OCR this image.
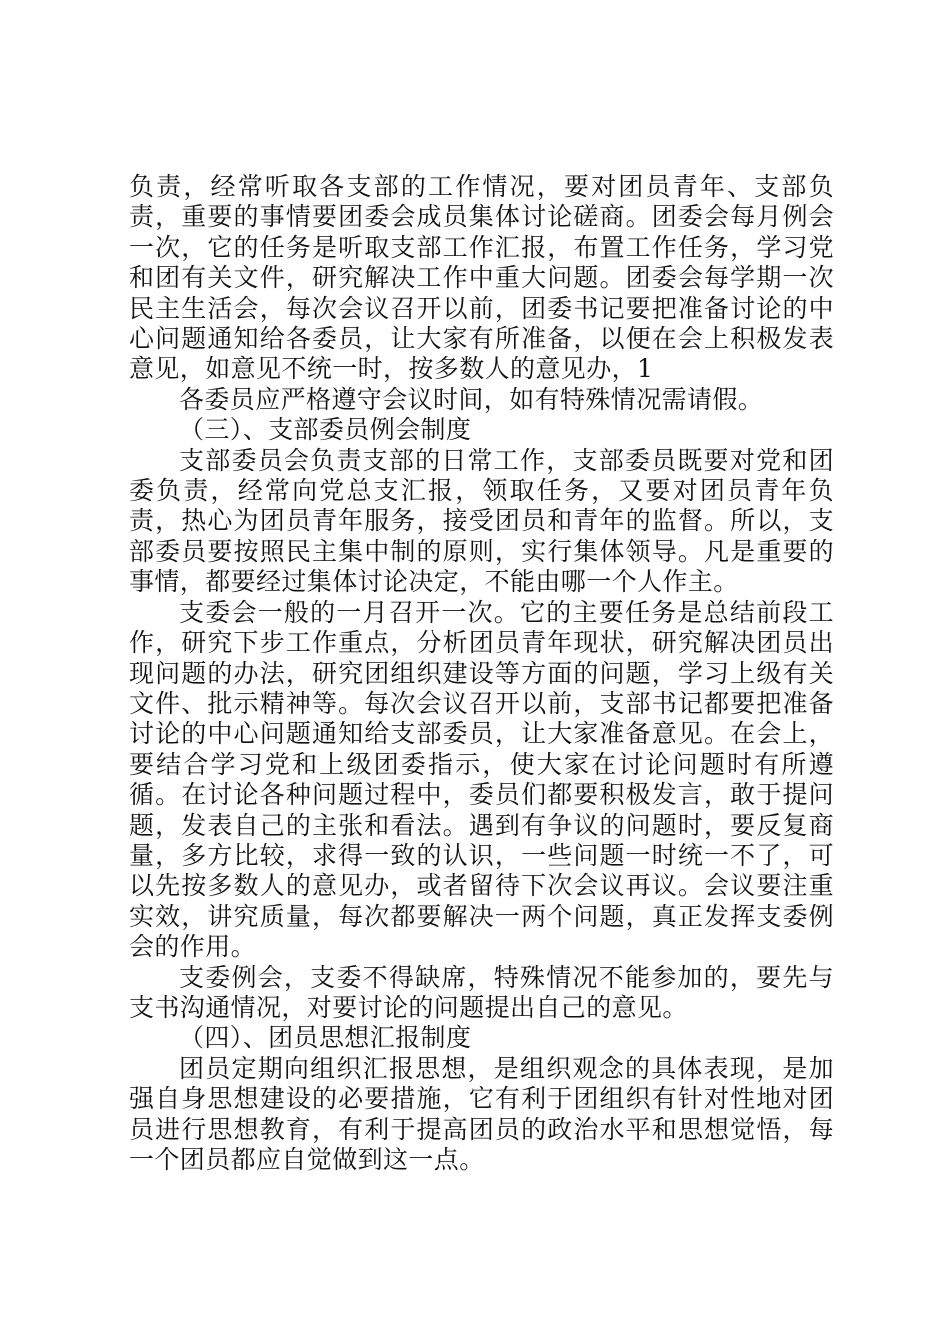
负责，经常听取各支部的工作情况，要对团员青年、支部负责，重要的事情要团委会成员集体讨论磋商。团委会每月例会一次，它的任务是听取支部工作汇报，布置工作任务，学习党和团有关文件，研究解决工作中重大问题。团委会每学期一次民主生活会，每次会议召开以前，团委书记要把准备讨论的中心问题通知给各委员，让大家有所准备，以便在会上积极发表意见，如意见不统一时，按多数人的意见办，1

各委员应严格遵守会议时间，如有特殊情况需请假。

（三）、支部委员例会制度

支部委员会负责支部的日常工作，支部委员既要对党和团委负责，经常向党总支汇报，领取任务，又要对团员青年负责，热心为团员青年服务，接受团员和青年的监督。所以，支部委员要按照民主集中制的原则，实行集体领导。凡是重要的事情，都要经过集体讨论决定，不能由哪一个人作主。

支委会一般的一月召开一次。它的主要任务是总结前段工作，研究下步工作重点，分析团员青年现状，研究解决团员出现问题的办法，研究团组织建设等方面的问题，学习上级有关文件、批示精神等。每次会议召开以前，支部书记都要把准备讨论的中心问题通知给支部委员，让大家准备意见。在会上，要结合学习党和上级团委指示，使大家在讨论问题时有所遵循。在讨论各种问题过程中，委员们都要积极发言，敢于提问题，发表自己的主张和看法。遇到有争议的问题时，要反复商量，多方比较，求得一致的认识，一些问题一时统一不了，可以先按多数人的意见办，或者留待下次会议再议。会议要注重实效，讲究质量，每次都要解决一两个问题，真正发挥支委例会的作用。

支委例会，支委不得缺席，特殊情况不能参加的，要先与支书沟通情况，对要讨论的问题提出自己的意见。

（四）、团员思想汇报制度

团员定期向组织汇报思想，是组织观念的具体表现，是加强自身思想建设的必要措施，它有利于团组织有针对性地对团员进行思想教育，有利于提高团员的政治水平和思想觉悟，每一个团员都应自觉做到这一点。
